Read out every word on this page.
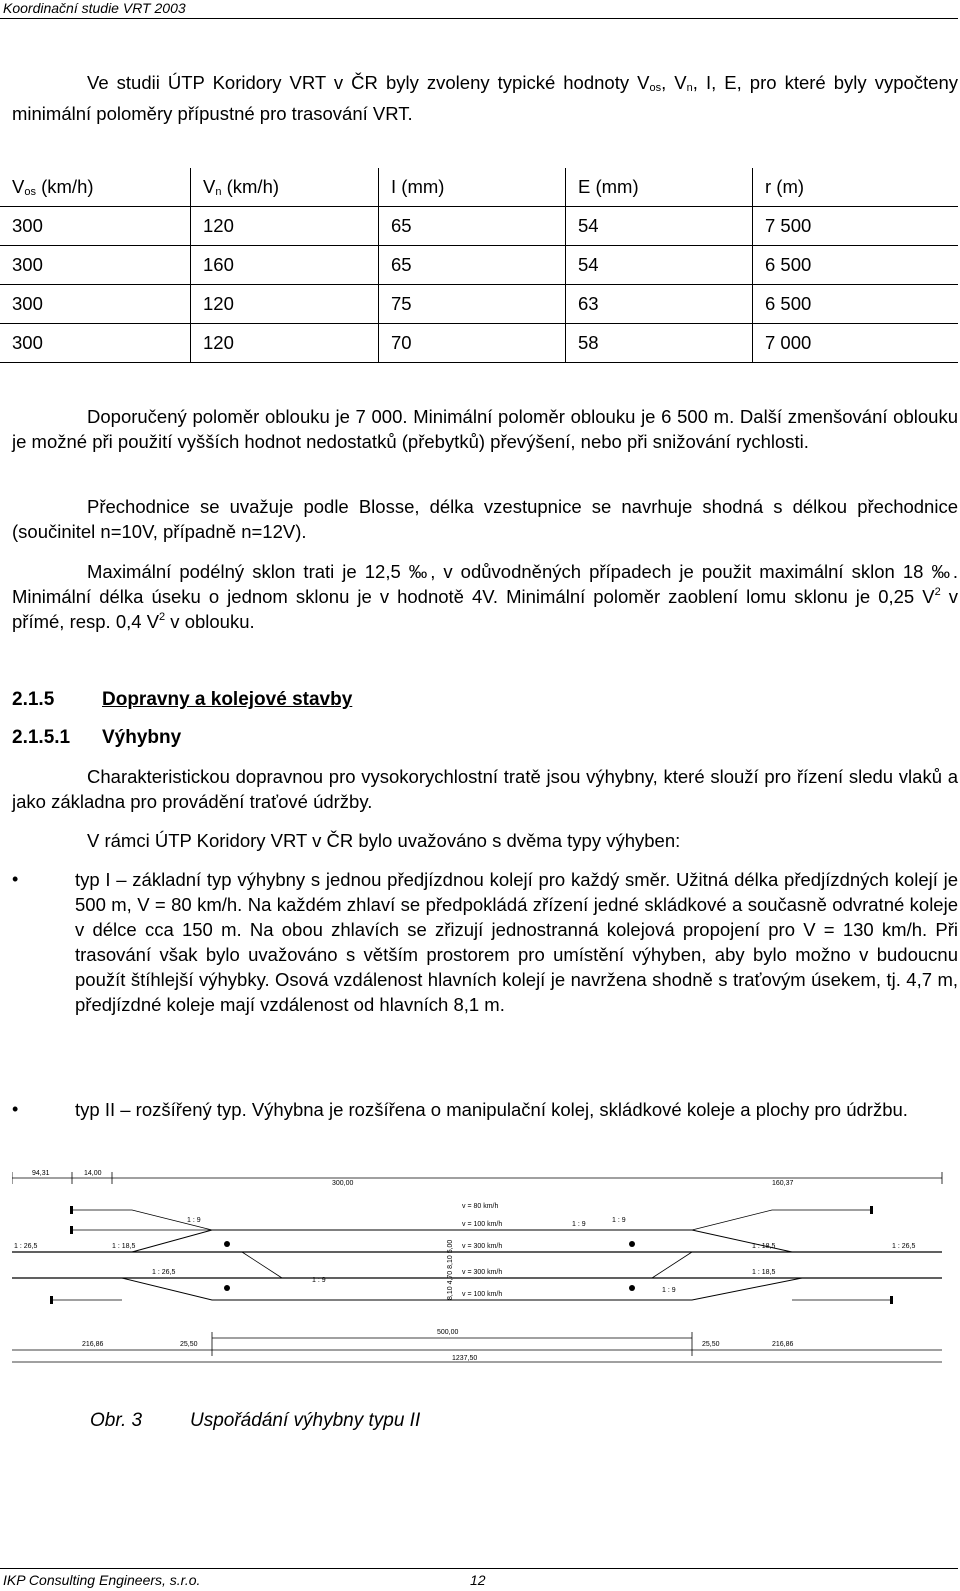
Koordinační studie VRT 2003

Ve studii ÚTP Koridory VRT v ČR byly zvoleny typické hodnoty $V_{os}$, $V_n$, I, E, pro které byly vypočteny minimální poloměry přípustné pro trasování VRT.

$V_{os}$ (km/h)	$V_n$ (km/h)	I (mm)	E (mm)	r (m)
300	120	65	54	7 500
300	160	65	54	6 500
300	120	75	63	6 500
300	120	70	58	7 000

Doporučený poloměr oblouku je 7 000. Minimální poloměr oblouku je 6 500 m. Další zmenšování oblouku je možné při použití vyšších hodnot nedostatků (přebytků) převýšení, nebo při snižování rychlosti.

Přechodnice se uvažuje podle Blosse, délka vzestupnice se navrhuje shodná s délkou přechodnice (součinitel n=10V, případně n=12V).

Maximální podélný sklon trati je 12,5 ‰, v odůvodněných případech je použit maximální sklon 18 ‰. Minimální délka úseku o jednom sklonu je v hodnotě 4V. Minimální poloměr zaoblení lomu sklonu je 0,25 $V^2$ v přímé, resp. 0,4 $V^2$ v oblouku.

2.1.5	Dopravny a kolejové stavby
2.1.5.1 Výhybny

Charakteristickou dopravnou pro vysokorychlostní tratě jsou výhybny, které slouží pro řízení sledu vlaků a jako základna pro provádění traťové údržby.

V rámci ÚTP Koridory VRT v ČR bylo uvažováno s dvěma typy výhyben:

•	typ I – základní typ výhybny s jednou předjízdnou kolejí pro každý směr. Užitná délka předjízdných kolejí je 500 m, V = 80 km/h. Na každém zhlaví se předpokládá zřízení jedné skládkové a současně odvratné koleje v délce cca 150 m. Na obou zhlavích se zřizují jednostranná kolejová propojení pro V = 130 km/h. Při trasování však bylo uvažováno s větším prostorem pro umístění výhyben, aby bylo možno v budoucnu použít štíhlejší výhybky. Osová vzdálenost hlavních kolejí je navržena shodně s traťovým úsekem, tj. 4,7 m, předjízdné koleje mají vzdálenost od hlavních 8,1 m.

•	typ II – rozšířený typ. Výhybna je rozšířena o manipulační kolej, skládkové koleje a plochy pro údržbu.

94,31	14,00
300,00	160,37
1 : 26,5	1 : 18,5
1 : 9
1 : 26,5
1 : 9
1 : 9
1 : 9
1 : 18,5	1 : 26,5
1 : 18,5
1 : 9
v = 80 km/h
v = 100 km/h
v = 300 km/h
v = 300 km/h
v = 100 km/h
8,10 4,70 8,10 5,00
216,86	25,50
500,00
25,50	216,86
1237,50
Obr. 3	Uspořádání výhybny typu II
IKP Consulting Engineers, s.r.o.	12
